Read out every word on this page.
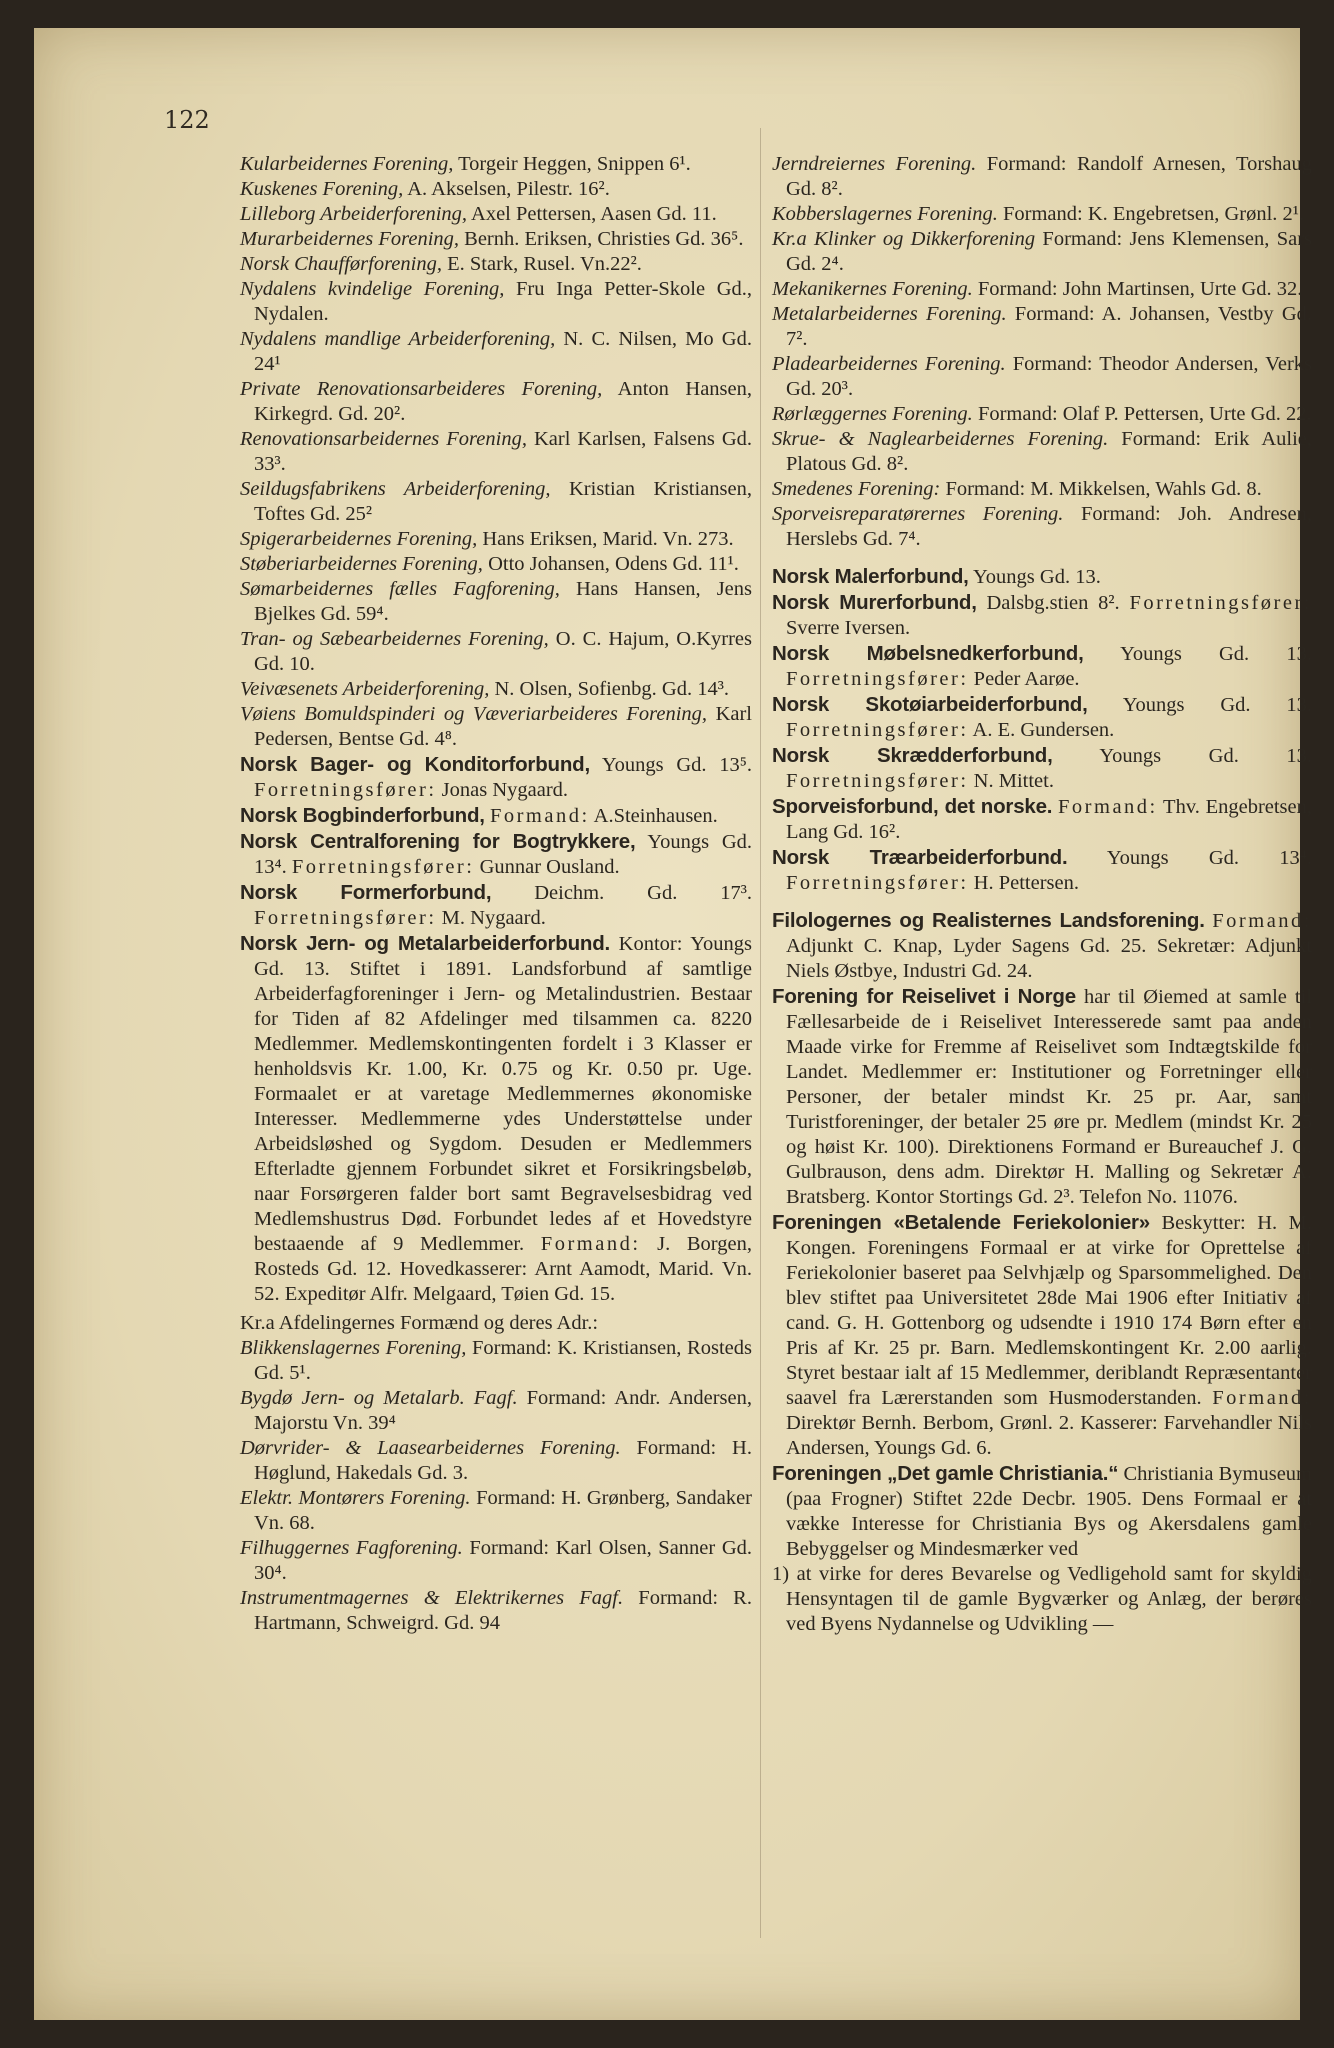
122

Kularbeidernes Forening, Torgeir Heggen, Snippen 6¹.

Kuskenes Forening, A. Akselsen, Pilestr. 16².

Lilleborg Arbeiderforening, Axel Pettersen, Aasen Gd. 11.

Murarbeidernes Forening, Bernh. Eriksen, Christies Gd. 36⁵.

Norsk Chaufførforening, E. Stark, Rusel. Vn.22².

Nydalens kvindelige Forening, Fru Inga Petter-Skole Gd., Nydalen.

Nydalens mandlige Arbeiderforening, N. C. Nilsen, Mo Gd. 24¹

Private Renovationsarbeideres Forening, Anton Hansen, Kirkegrd. Gd. 20².

Renovationsarbeidernes Forening, Karl Karlsen, Falsens Gd. 33³.

Seildugsfabrikens Arbeiderforening, Kristian Kristiansen, Toftes Gd. 25²

Spigerarbeidernes Forening, Hans Eriksen, Marid. Vn. 273.

Støberiarbeidernes Forening, Otto Johansen, Odens Gd. 11¹.

Sømarbeidernes fælles Fagforening, Hans Hansen, Jens Bjelkes Gd. 59⁴.

Tran- og Sæbearbeidernes Forening, O. C. Hajum, O.Kyrres Gd. 10.

Veivæsenets Arbeiderforening, N. Olsen, Sofienbg. Gd. 14³.

Vøiens Bomuldspinderi og Væveriarbeideres Forening, Karl Pedersen, Bentse Gd. 4⁸.

Norsk Bager- og Konditorforbund, Youngs Gd. 13⁵. Forretningsfører: Jonas Nygaard.

Norsk Bogbinderforbund, Formand: A.Steinhausen.

Norsk Centralforening for Bogtrykkere, Youngs Gd. 13⁴. Forretningsfører: Gunnar Ousland.

Norsk Formerforbund, Deichm. Gd. 17³. Forretningsfører: M. Nygaard.

Norsk Jern- og Metalarbeiderforbund. Kontor: Youngs Gd. 13. Stiftet i 1891. Landsforbund af samtlige Arbeiderfagforeninger i Jern- og Metalindustrien. Bestaar for Tiden af 82 Afdelinger med tilsammen ca. 8220 Medlemmer. Medlemskontingenten fordelt i 3 Klasser er henholdsvis Kr. 1.00, Kr. 0.75 og Kr. 0.50 pr. Uge. Formaalet er at varetage Medlemmernes økonomiske Interesser. Medlemmerne ydes Understøttelse under Arbeidsløshed og Sygdom. Desuden er Medlemmers Efterladte gjennem Forbundet sikret et Forsikringsbeløb, naar Forsørgeren falder bort samt Begravelsesbidrag ved Medlemshustrus Død. Forbundet ledes af et Hovedstyre bestaaende af 9 Medlemmer. Formand: J. Borgen, Rosteds Gd. 12. Hovedkasserer: Arnt Aamodt, Marid. Vn. 52. Expeditør Alfr. Melgaard, Tøien Gd. 15.

Kr.a Afdelingernes Formænd og deres Adr.:

Blikkenslagernes Forening, Formand: K. Kristiansen, Rosteds Gd. 5¹.

Bygdø Jern- og Metalarb. Fagf. Formand: Andr. Andersen, Majorstu Vn. 39⁴

Dørvrider- & Laasearbeidernes Forening. Formand: H. Høglund, Hakedals Gd. 3.

Elektr. Montørers Forening. Formand: H. Grønberg, Sandaker Vn. 68.

Filhuggernes Fagforening. Formand: Karl Olsen, Sanner Gd. 30⁴.

Instrumentmagernes & Elektrikernes Fagf. Formand: R. Hartmann, Schweigrd. Gd. 94

Jerndreiernes Forening. Formand: Randolf Arnesen, Torshaug Gd. 8².

Kobberslagernes Forening. Formand: K. Engebretsen, Grønl. 2¹.

Kr.a Klinker og Dikkerforening Formand: Jens Klemensen, Sars Gd. 2⁴.

Mekanikernes Forening. Formand: John Martinsen, Urte Gd. 32.

Metalarbeidernes Forening. Formand: A. Johansen, Vestby Gd. 7².

Pladearbeidernes Forening. Formand: Theodor Andersen, Verks Gd. 20³.

Rørlæggernes Forening. Formand: Olaf P. Pettersen, Urte Gd. 22.

Skrue- & Naglearbeidernes Forening. Formand: Erik Aulie, Platous Gd. 8².

Smedenes Forening: Formand: M. Mikkelsen, Wahls Gd. 8.

Sporveisreparatørernes Forening. Formand: Joh. Andresen, Herslebs Gd. 7⁴.

Norsk Malerforbund, Youngs Gd. 13.

Norsk Murerforbund, Dalsbg.stien 8². Forretningsfører: Sverre Iversen.

Norsk Møbelsnedkerforbund, Youngs Gd. 13. Forretningsfører: Peder Aarøe.

Norsk Skotøiarbeiderforbund, Youngs Gd. 13. Forretningsfører: A. E. Gundersen.

Norsk Skrædderforbund, Youngs Gd. 13. Forretningsfører: N. Mittet.

Sporveisforbund, det norske. Formand: Thv. Engebretsen, Lang Gd. 16².

Norsk Træarbeiderforbund. Youngs Gd. 13⁴. Forretningsfører: H. Pettersen.

Filologernes og Realisternes Landsforening. Formand: Adjunkt C. Knap, Lyder Sagens Gd. 25. Sekretær: Adjunkt Niels Østbye, Industri Gd. 24.

Forening for Reiselivet i Norge har til Øiemed at samle til Fællesarbeide de i Reiselivet Interesserede samt paa anden Maade virke for Fremme af Reiselivet som Indtægtskilde for Landet. Medlemmer er: Institutioner og Forretninger eller Personer, der betaler mindst Kr. 25 pr. Aar, samt Turistforeninger, der betaler 25 øre pr. Medlem (mindst Kr. 25 og høist Kr. 100). Direktionens Formand er Bureauchef J. G. Gulbrauson, dens adm. Direktør H. Malling og Sekretær A. Bratsberg. Kontor Stortings Gd. 2³. Telefon No. 11076.

Foreningen «Betalende Feriekolonier» Beskytter: H. M. Kongen. Foreningens Formaal er at virke for Oprettelse af Feriekolonier baseret paa Selvhjælp og Sparsommelighed. Den blev stiftet paa Universitetet 28de Mai 1906 efter Initiativ af cand. G. H. Gottenborg og udsendte i 1910 174 Børn efter en Pris af Kr. 25 pr. Barn. Medlemskontingent Kr. 2.00 aarlig. Styret bestaar ialt af 15 Medlemmer, deriblandt Repræsentanter saavel fra Lærerstanden som Husmoderstanden. Formand: Direktør Bernh. Berbom, Grønl. 2. Kasserer: Farvehandler Nils Andersen, Youngs Gd. 6.

Foreningen „Det gamle Christiania.“ Christiania Bymuseum (paa Frogner) Stiftet 22de Decbr. 1905. Dens Formaal er at vække Interesse for Christiania Bys og Akersdalens gamle Bebyggelser og Mindesmærker ved

1) at virke for deres Bevarelse og Vedligehold samt for skyldig Hensyntagen til de gamle Bygværker og Anlæg, der berøres ved Byens Nydannelse og Udvikling —
